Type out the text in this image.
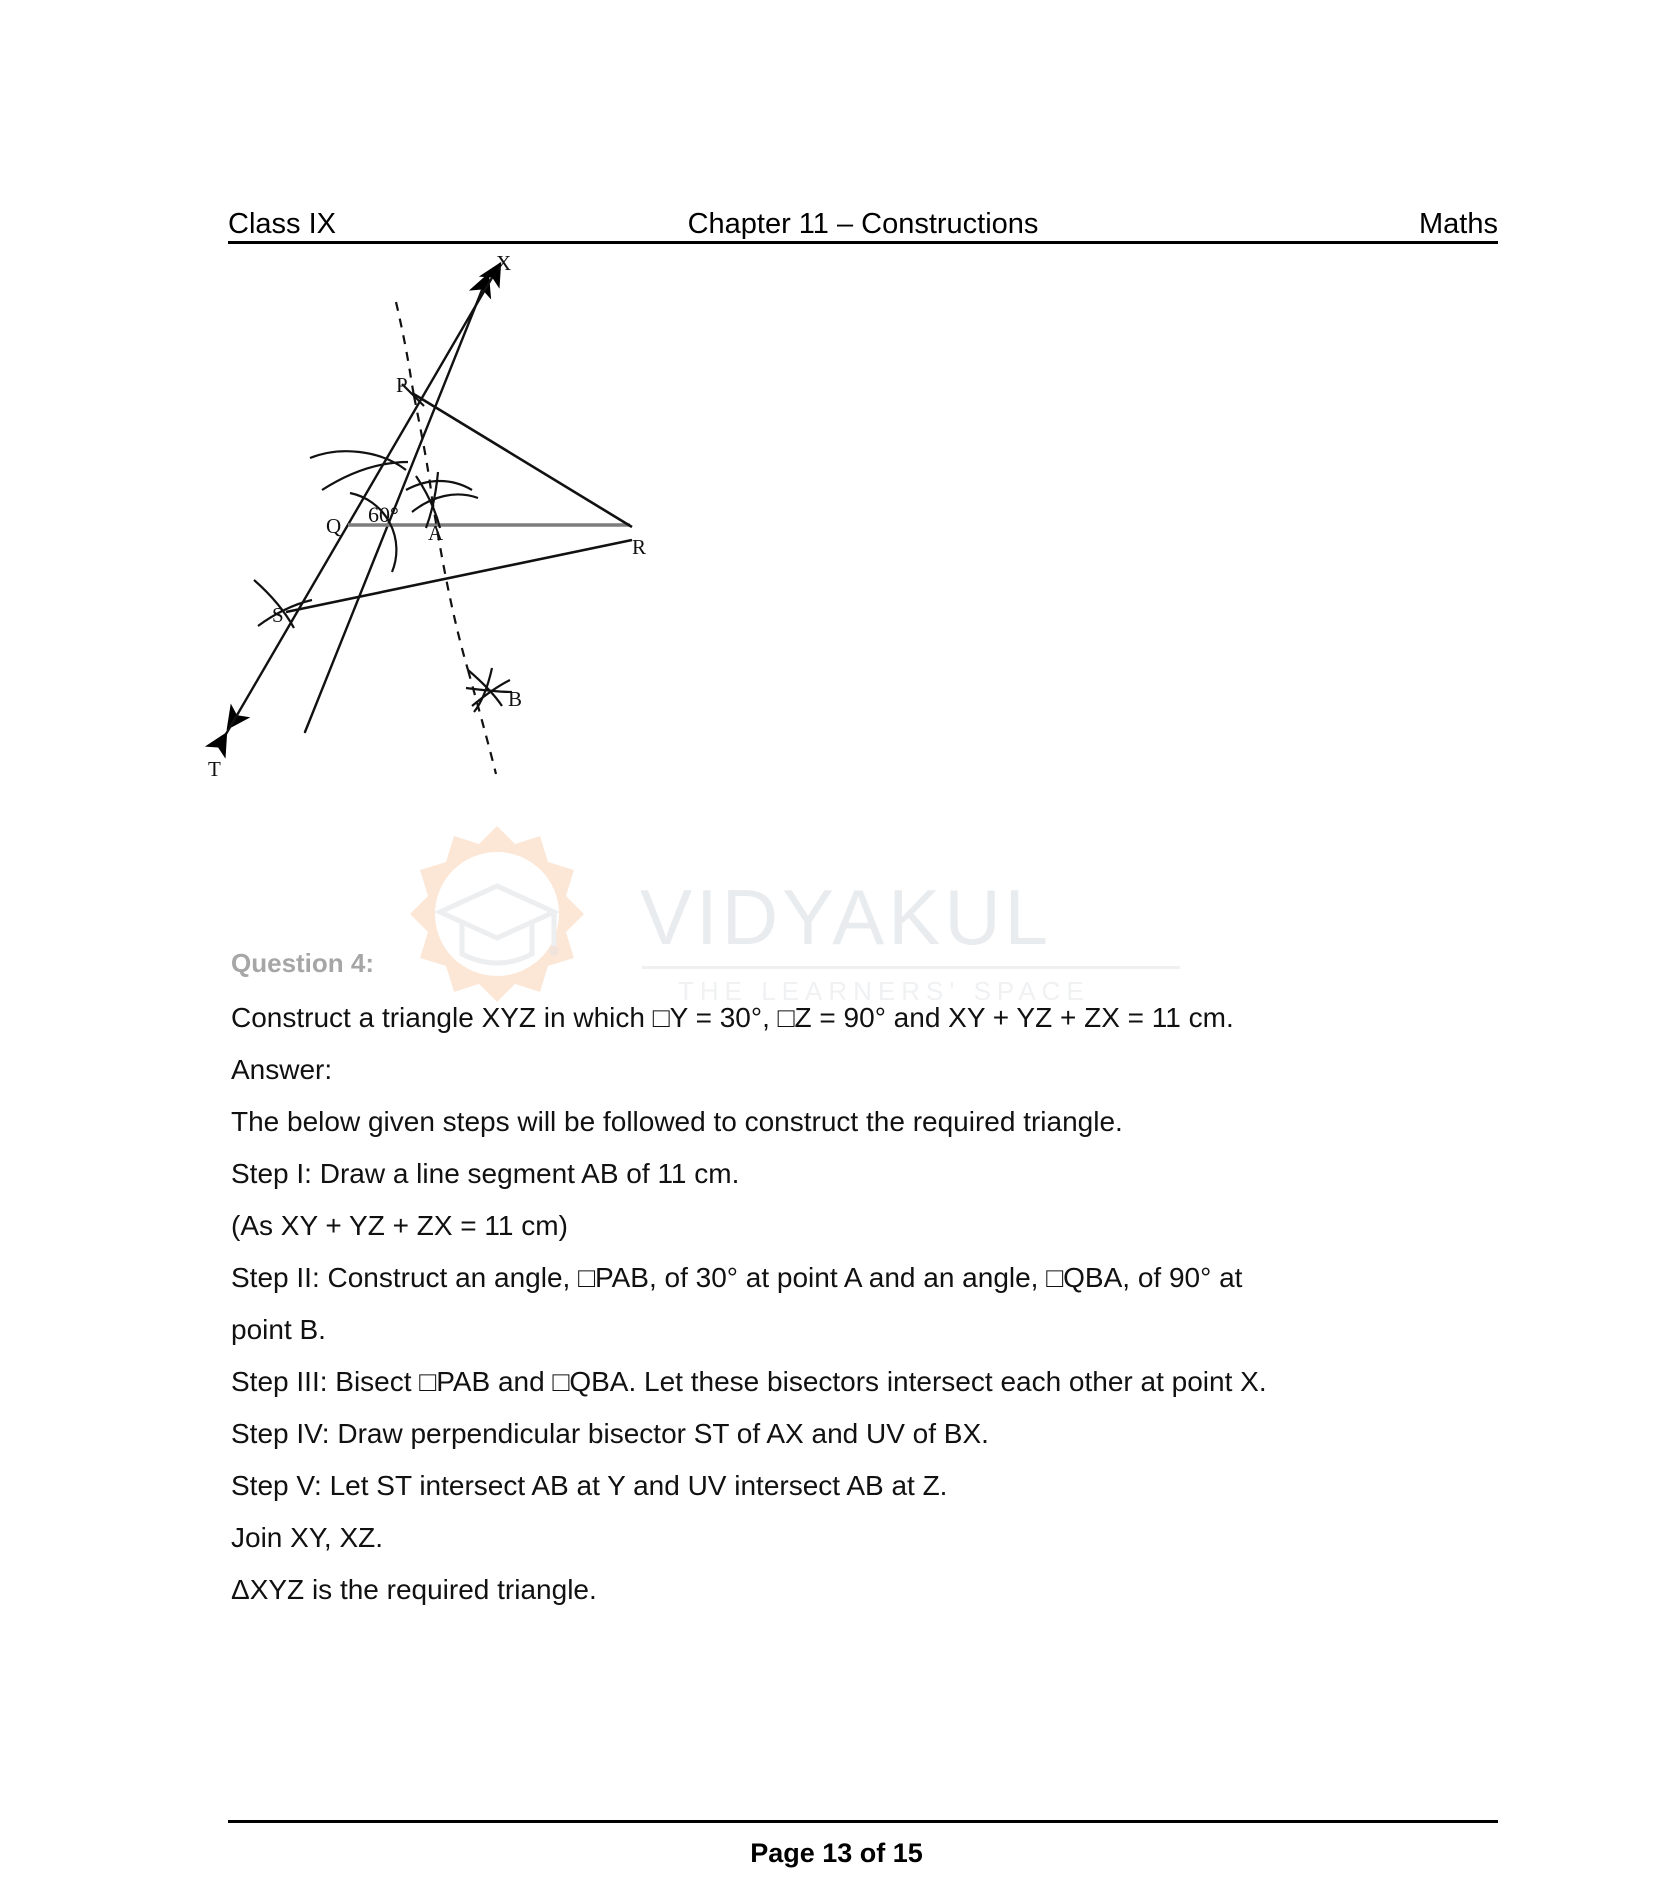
Class IX	Chapter 11 – Constructions	Maths
VIDYAKUL
THE LEARNERS' SPACE
X
P
A
Q
R
S
B
T
60°

Question 4:

Construct a triangle XYZ in which □Y = 30°, □Z = 90° and XY + YZ + ZX = 11 cm.

Answer:

The below given steps will be followed to construct the required triangle.

Step I: Draw a line segment AB of 11 cm.

(As XY + YZ + ZX = 11 cm)

Step II: Construct an angle, □PAB, of 30° at point A and an angle, □QBA, of 90° at

point B.

Step III: Bisect □PAB and □QBA. Let these bisectors intersect each other at point X.

Step IV: Draw perpendicular bisector ST of AX and UV of BX.

Step V: Let ST intersect AB at Y and UV intersect AB at Z.

Join XY, XZ.

ΔXYZ is the required triangle.

Page 13 of 15
